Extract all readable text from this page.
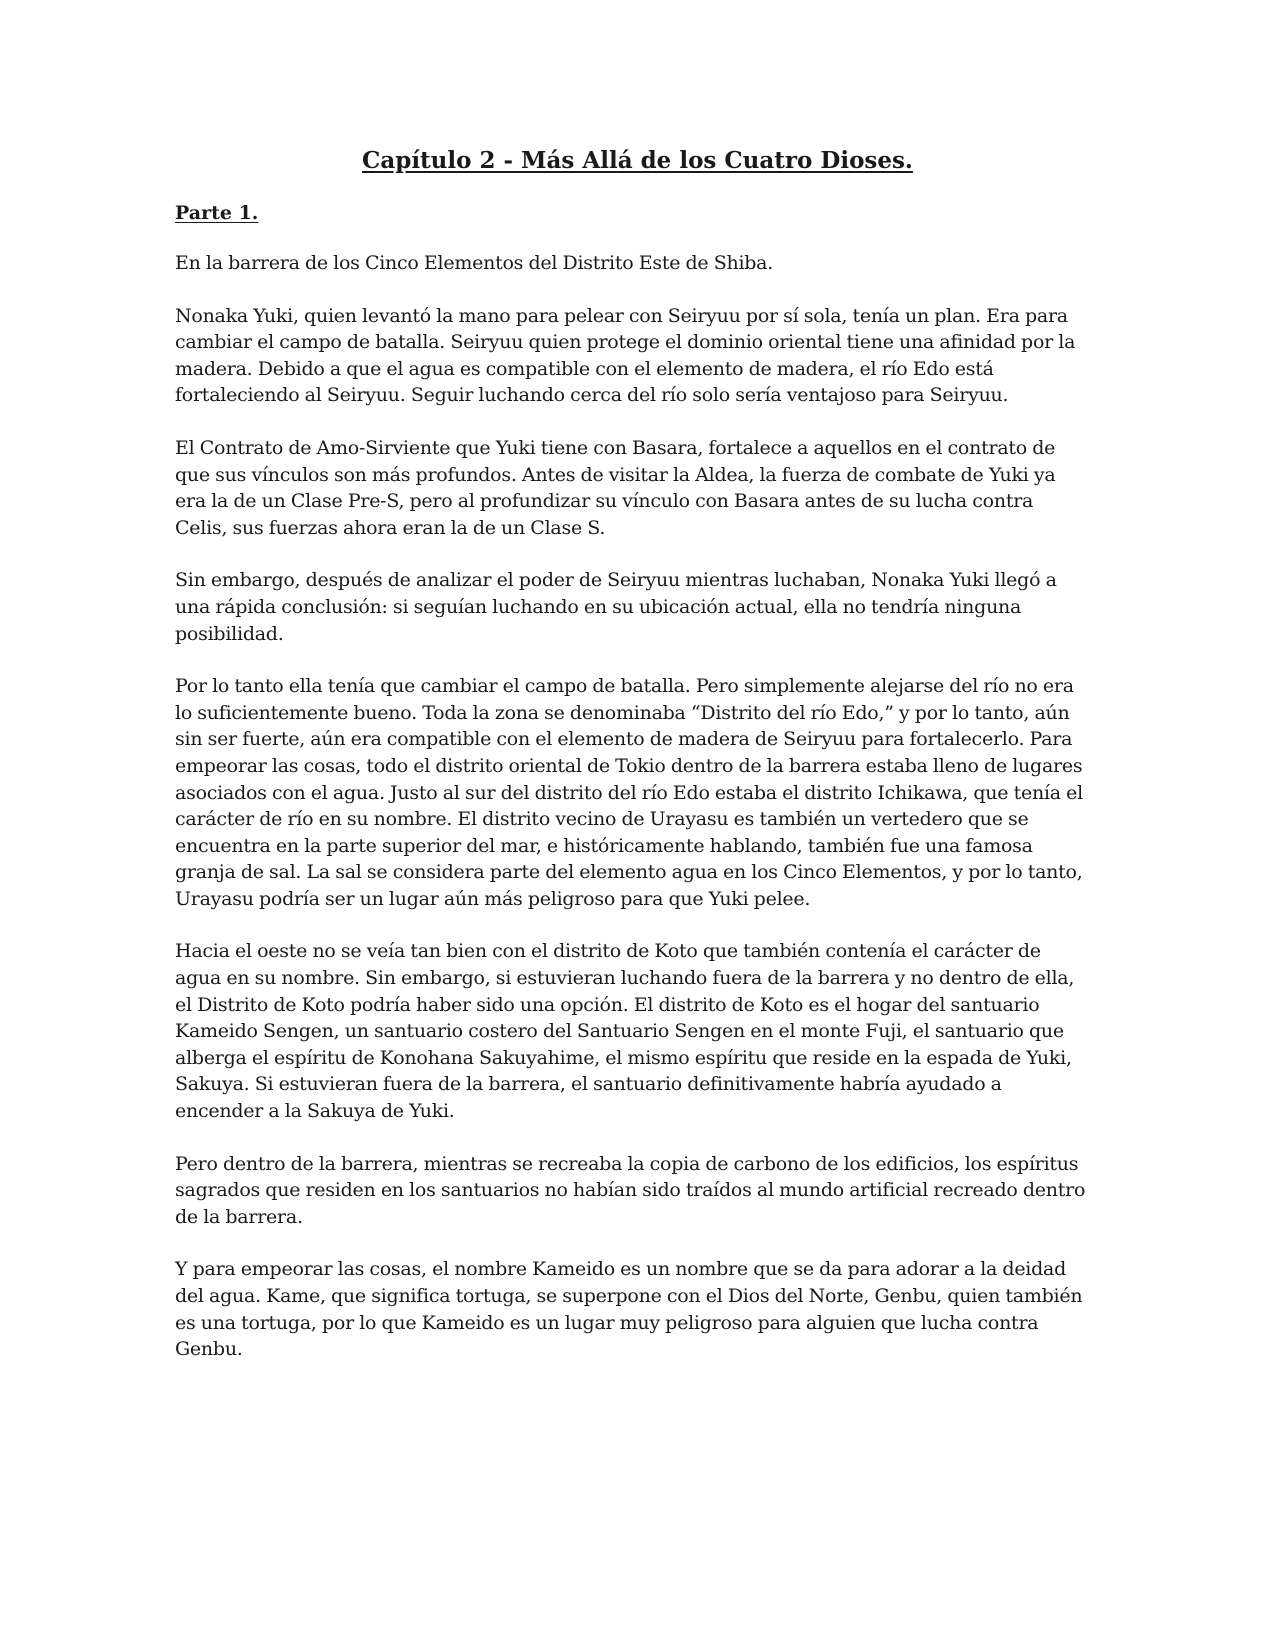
Capítulo 2 - Más Allá de los Cuatro Dioses.
Parte 1.

En la barrera de los Cinco Elementos del Distrito Este de Shiba.

Nonaka Yuki, quien levantó la mano para pelear con Seiryuu por sí sola, tenía un plan. Era para cambiar el campo de batalla. Seiryuu quien protege el dominio oriental tiene una afinidad por la madera. Debido a que el agua es compatible con el elemento de madera, el río Edo está fortaleciendo al Seiryuu. Seguir luchando cerca del río solo sería ventajoso para Seiryuu.

El Contrato de Amo-Sirviente que Yuki tiene con Basara, fortalece a aquellos en el contrato de que sus vínculos son más profundos. Antes de visitar la Aldea, la fuerza de combate de Yuki ya era la de un Clase Pre-S, pero al profundizar su vínculo con Basara antes de su lucha contra Celis, sus fuerzas ahora eran la de un Clase S.

Sin embargo, después de analizar el poder de Seiryuu mientras luchaban, Nonaka Yuki llegó a una rápida conclusión: si seguían luchando en su ubicación actual, ella no tendría ninguna posibilidad.

Por lo tanto ella tenía que cambiar el campo de batalla. Pero simplemente alejarse del río no era lo suficientemente bueno. Toda la zona se denominaba “Distrito del río Edo,” y por lo tanto, aún sin ser fuerte, aún era compatible con el elemento de madera de Seiryuu para fortalecerlo. Para empeorar las cosas, todo el distrito oriental de Tokio dentro de la barrera estaba lleno de lugares asociados con el agua. Justo al sur del distrito del río Edo estaba el distrito Ichikawa, que tenía el carácter de río en su nombre. El distrito vecino de Urayasu es también un vertedero que se encuentra en la parte superior del mar, e históricamente hablando, también fue una famosa granja de sal. La sal se considera parte del elemento agua en los Cinco Elementos, y por lo tanto, Urayasu podría ser un lugar aún más peligroso para que Yuki pelee.

Hacia el oeste no se veía tan bien con el distrito de Koto que también contenía el carácter de agua en su nombre. Sin embargo, si estuvieran luchando fuera de la barrera y no dentro de ella, el Distrito de Koto podría haber sido una opción. El distrito de Koto es el hogar del santuario Kameido Sengen, un santuario costero del Santuario Sengen en el monte Fuji, el santuario que alberga el espíritu de Konohana Sakuyahime, el mismo espíritu que reside en la espada de Yuki, Sakuya. Si estuvieran fuera de la barrera, el santuario definitivamente habría ayudado a encender a la Sakuya de Yuki.

Pero dentro de la barrera, mientras se recreaba la copia de carbono de los edificios, los espíritus sagrados que residen en los santuarios no habían sido traídos al mundo artificial recreado dentro de la barrera.

Y para empeorar las cosas, el nombre Kameido es un nombre que se da para adorar a la deidad del agua. Kame, que significa tortuga, se superpone con el Dios del Norte, Genbu, quien también es una tortuga, por lo que Kameido es un lugar muy peligroso para alguien que lucha contra Genbu.
